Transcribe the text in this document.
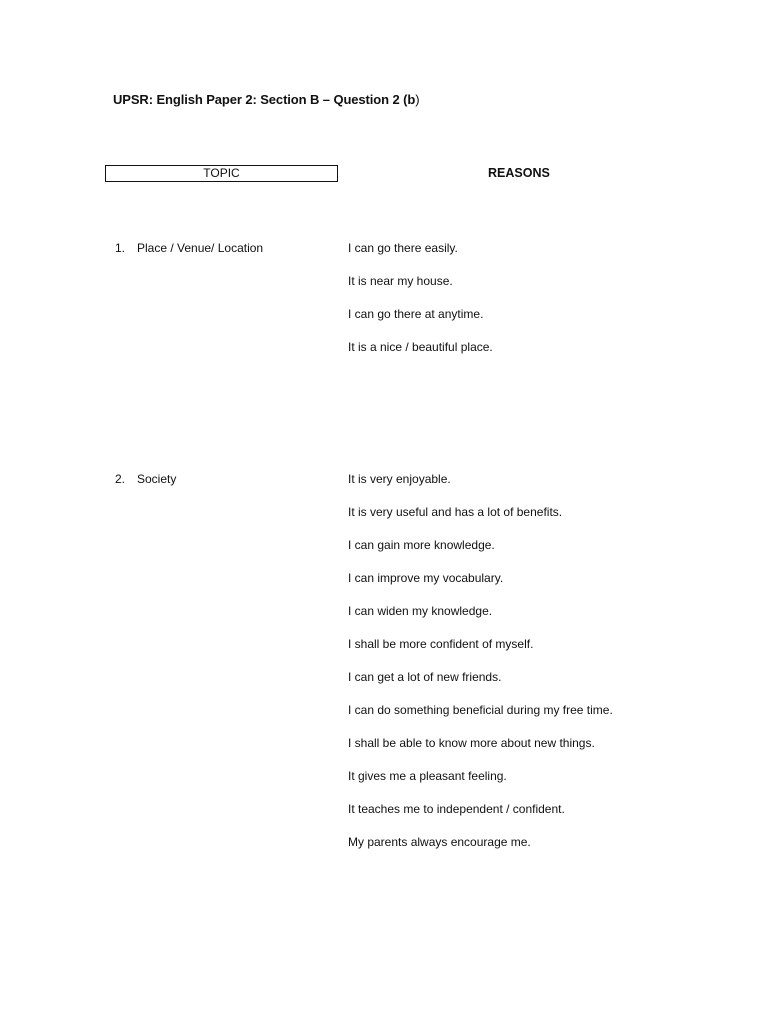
UPSR: English Paper 2: Section B – Question 2 (b)
TOPIC	REASONS
1. Place / Venue/ Location	I can go there easily.
It is near my house.
I can go there at anytime.
It is a nice / beautiful place.
2. Society	It is very enjoyable.
It is very useful and has a lot of benefits.
I can gain more knowledge.
I can improve my vocabulary.
I can widen my knowledge.
I shall be more confident of myself.
I can get a lot of new friends.
I can do something beneficial during my free time.
I shall be able to know more about new things.
It gives me a pleasant feeling.
It teaches me to independent / confident.
My parents always encourage me.
